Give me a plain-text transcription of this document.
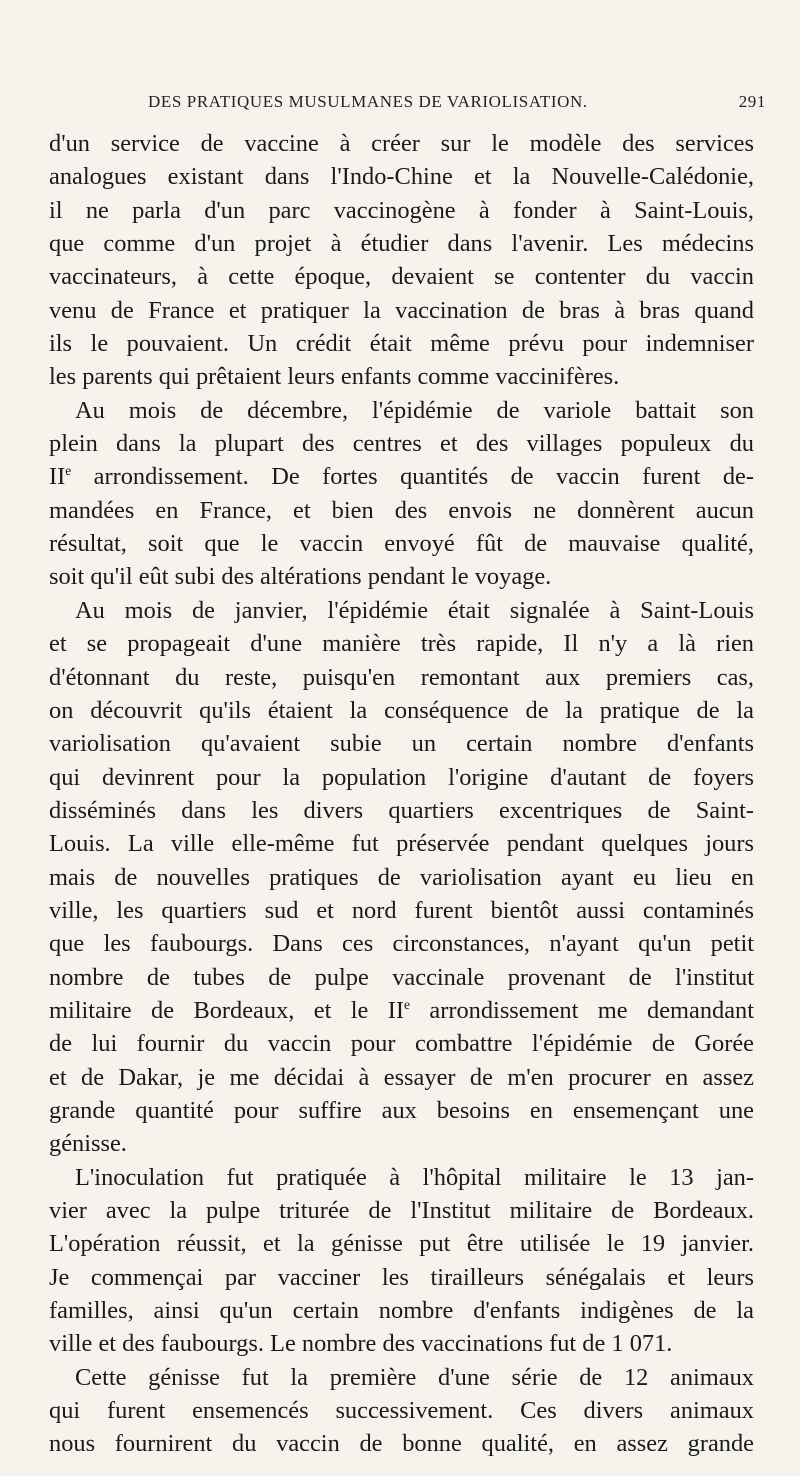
DES PRATIQUES MUSULMANES DE VARIOLISATION.	291
d'un service de vaccine à créer sur le modèle des services
analogues existant dans l'Indo-Chine et la Nouvelle-Calédonie,
il ne parla d'un parc vaccinogène à fonder à Saint-Louis,
que comme d'un projet à étudier dans l'avenir. Les médecins
vaccinateurs, à cette époque, devaient se contenter du vaccin
venu de France et pratiquer la vaccination de bras à bras quand
ils le pouvaient. Un crédit était même prévu pour indemniser
les parents qui prêtaient leurs enfants comme vaccinifères.
Au mois de décembre, l'épidémie de variole battait son
plein dans la plupart des centres et des villages populeux du
IIe arrondissement. De fortes quantités de vaccin furent de-
mandées en France, et bien des envois ne donnèrent aucun
résultat, soit que le vaccin envoyé fût de mauvaise qualité,
soit qu'il eût subi des altérations pendant le voyage.
Au mois de janvier, l'épidémie était signalée à Saint-Louis
et se propageait d'une manière très rapide, Il n'y a là rien
d'étonnant du reste, puisqu'en remontant aux premiers cas,
on découvrit qu'ils étaient la conséquence de la pratique de la
variolisation qu'avaient subie un certain nombre d'enfants
qui devinrent pour la population l'origine d'autant de foyers
disséminés dans les divers quartiers excentriques de Saint-
Louis. La ville elle-même fut préservée pendant quelques jours
mais de nouvelles pratiques de variolisation ayant eu lieu en
ville, les quartiers sud et nord furent bientôt aussi contaminés
que les faubourgs. Dans ces circonstances, n'ayant qu'un petit
nombre de tubes de pulpe vaccinale provenant de l'institut
militaire de Bordeaux, et le IIe arrondissement me demandant
de lui fournir du vaccin pour combattre l'épidémie de Gorée
et de Dakar, je me décidai à essayer de m'en procurer en assez
grande quantité pour suffire aux besoins en ensemençant une
génisse.
L'inoculation fut pratiquée à l'hôpital militaire le 13 jan-
vier avec la pulpe triturée de l'Institut militaire de Bordeaux.
L'opération réussit, et la génisse put être utilisée le 19 janvier.
Je commençai par vacciner les tirailleurs sénégalais et leurs
familles, ainsi qu'un certain nombre d'enfants indigènes de la
ville et des faubourgs. Le nombre des vaccinations fut de 1 071.
Cette génisse fut la première d'une série de 12 animaux
qui furent ensemencés successivement. Ces divers animaux
nous fournirent du vaccin de bonne qualité, en assez grande
